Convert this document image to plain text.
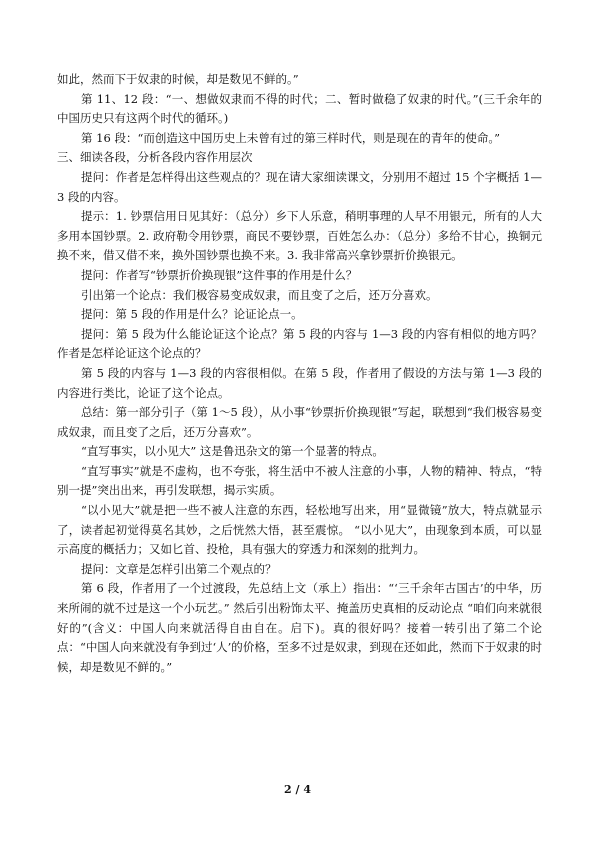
如此，然而下于奴隶的时候，却是数见不鲜的。”

第 11、12 段：“一、想做奴隶而不得的时代；二、暂时做稳了奴隶的时代。”(三千余年的中国历史只有这两个时代的循环。)

第 16 段：“而创造这中国历史上未曾有过的第三样时代，则是现在的青年的使命。”

三、细读各段，分析各段内容作用层次

提问：作者是怎样得出这些观点的？现在请大家细读课文，分别用不超过 15 个字概括 1—3 段的内容。

提示：1. 钞票信用日见其好：（总分）乡下人乐意，稍明事理的人早不用银元，所有的人大多用本国钞票。2. 政府勒令用钞票，商民不要钞票，百姓怎么办：（总分）多给不甘心，换铜元换不来，借又借不来，换外国钞票也换不来。3. 我非常高兴拿钞票折价换银元。

提问：作者写“钞票折价换现银”这件事的作用是什么？

引出第一个论点：我们极容易变成奴隶，而且变了之后，还万分喜欢。

提问：第 5 段的作用是什么？论证论点一。

提问：第 5 段为什么能论证这个论点？第 5 段的内容与 1—3 段的内容有相似的地方吗？作者是怎样论证这个论点的？

第 5 段的内容与 1—3 段的内容很相似。在第 5 段，作者用了假设的方法与第 1—3 段的内容进行类比，论证了这个论点。

总结：第一部分引子（第 1～5 段），从小事“钞票折价换现银”写起，联想到“我们极容易变成奴隶，而且变了之后，还万分喜欢”。

“直写事实，以小见大” 这是鲁迅杂文的第一个显著的特点。

“直写事实”就是不虚构，也不夸张，将生活中不被人注意的小事，人物的精神、特点，“特别一提”突出出来，再引发联想，揭示实质。

“以小见大”就是把一些不被人注意的东西，轻松地写出来，用“显微镜”放大，特点就显示了，读者起初觉得莫名其妙，之后恍然大悟，甚至震惊。 “以小见大”，由现象到本质，可以显示高度的概括力；又如匕首、投枪，具有强大的穿透力和深刻的批判力。

提问：文章是怎样引出第二个观点的？

第 6 段，作者用了一个过渡段，先总结上文（承上）指出：“‘三千余年古国古’的中华，历来所闹的就不过是这一个小玩艺。” 然后引出粉饰太平、掩盖历史真相的反动论点 “咱们向来就很好的”(含义：中国人向来就活得自由自在。启下)。真的很好吗？接着一转引出了第二个论点：“中国人向来就没有争到过‘人’的价格，至多不过是奴隶，到现在还如此，然而下于奴隶的时候，却是数见不鲜的。”

2 / 4
